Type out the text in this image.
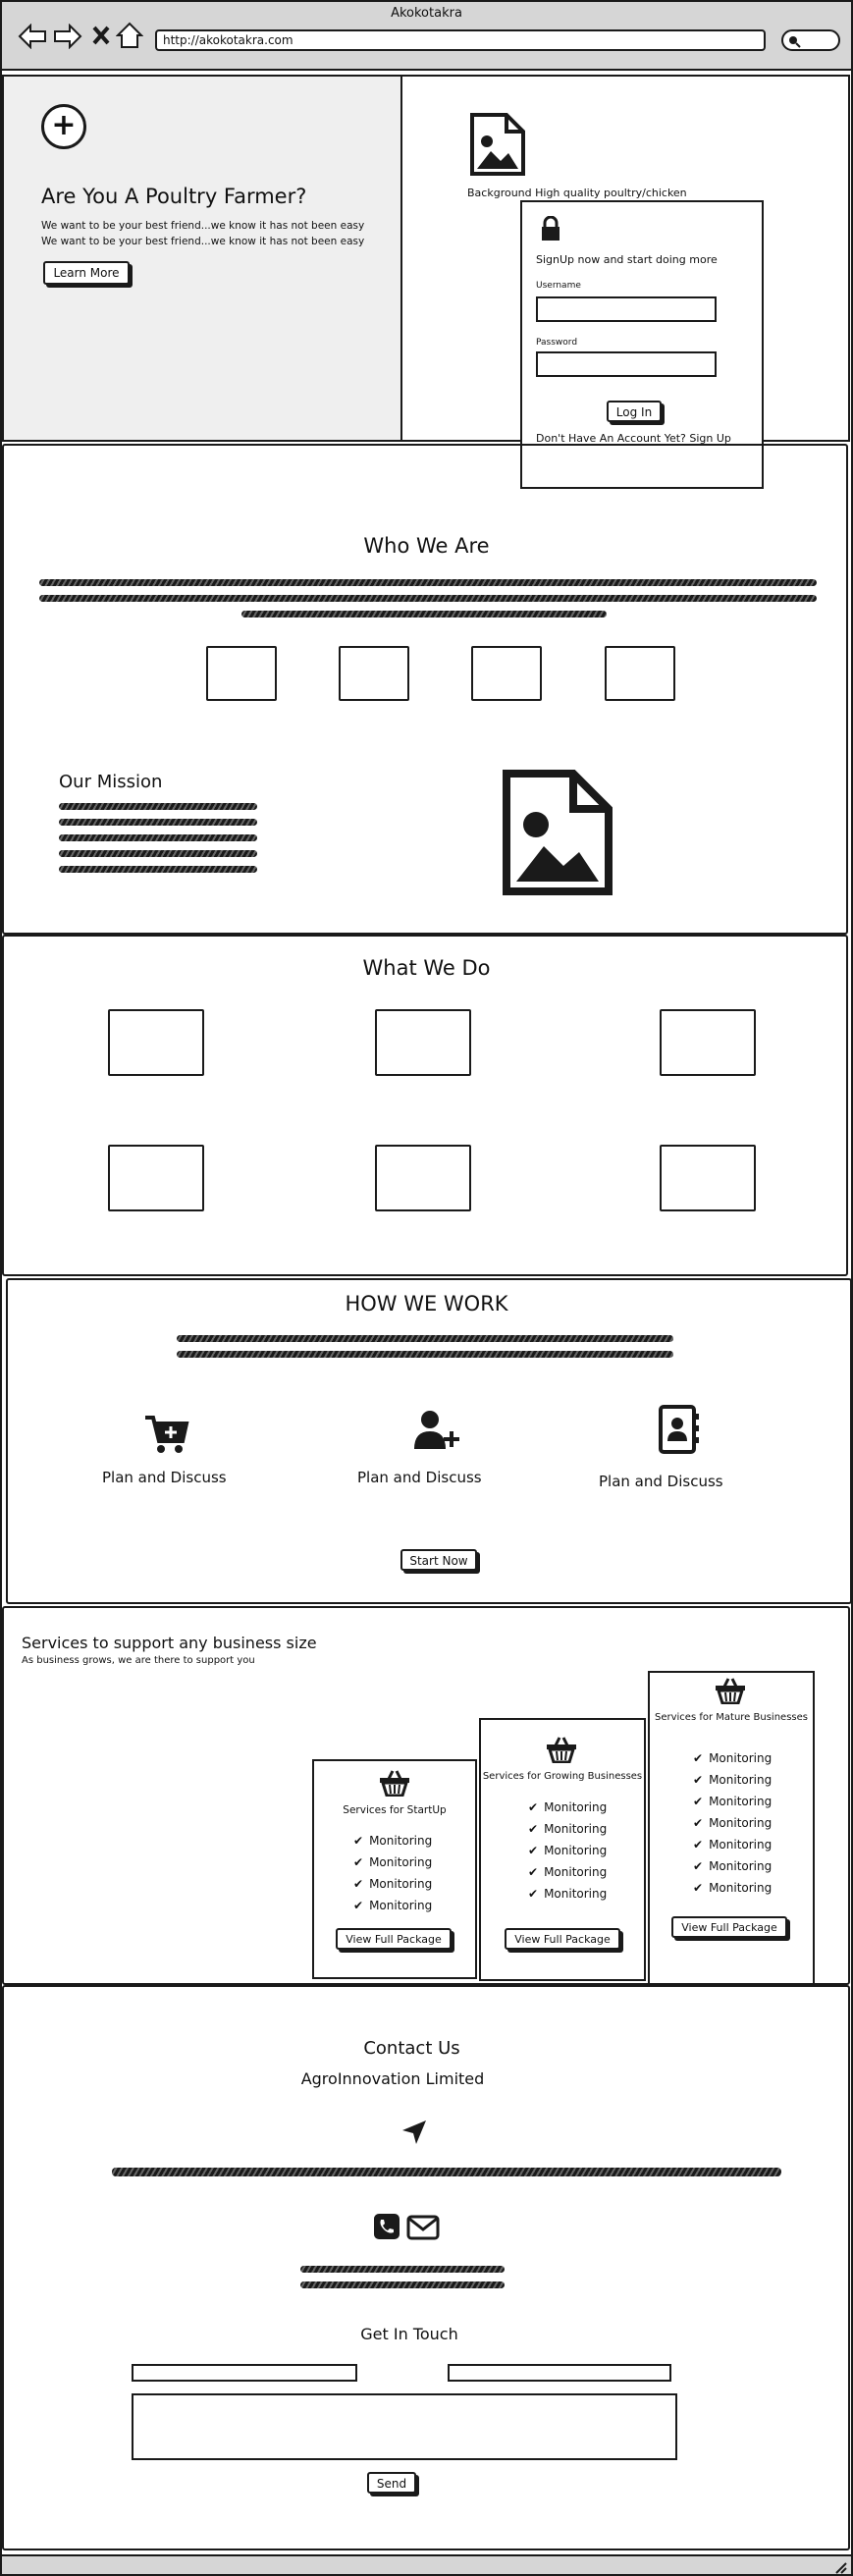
Akokotakra
http://akokotakra.com
+
Are You A Poultry Farmer?
We want to be your best friend...we know it has not been easy
We want to be your best friend...we know it has not been easy
Learn More
Background High quality poultry/chicken
SignUp now and start doing more
Username
Password
Log In
Don't Have An Account Yet? Sign Up
Who We Are
Our Mission
What We Do
HOW WE WORK
Plan and Discuss	Plan and Discuss	Plan and Discuss
Start Now
Services to support any business size
As business grows, we are there to support you
Services for StartUp
✔ Monitoring
✔ Monitoring
✔ Monitoring
✔ Monitoring
View Full Package
Services for Growing Businesses
✔ Monitoring
✔ Monitoring
✔ Monitoring
✔ Monitoring
✔ Monitoring
View Full Package
Services for Mature Businesses
✔ Monitoring
✔ Monitoring
✔ Monitoring
✔ Monitoring
✔ Monitoring
✔ Monitoring
✔ Monitoring
View Full Package
Contact Us
AgroInnovation Limited
Get In Touch
Send
